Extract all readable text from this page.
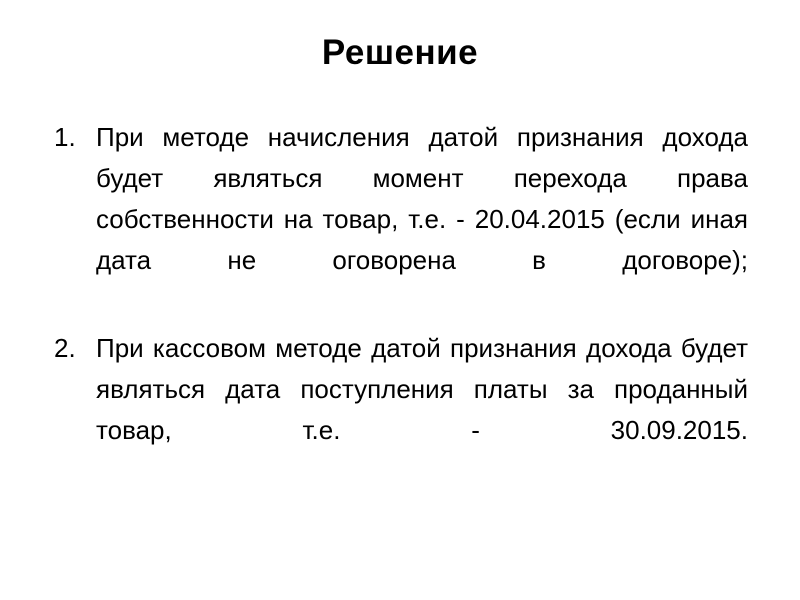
Решение
1. При методе начисления датой признания дохода будет являться момент перехода права собственности на товар, т.е. - 20.04.2015 (если иная дата не оговорена в договоре);
2. При кассовом методе датой признания дохода будет являться дата поступления платы за проданный товар, т.е. - 30.09.2015.
